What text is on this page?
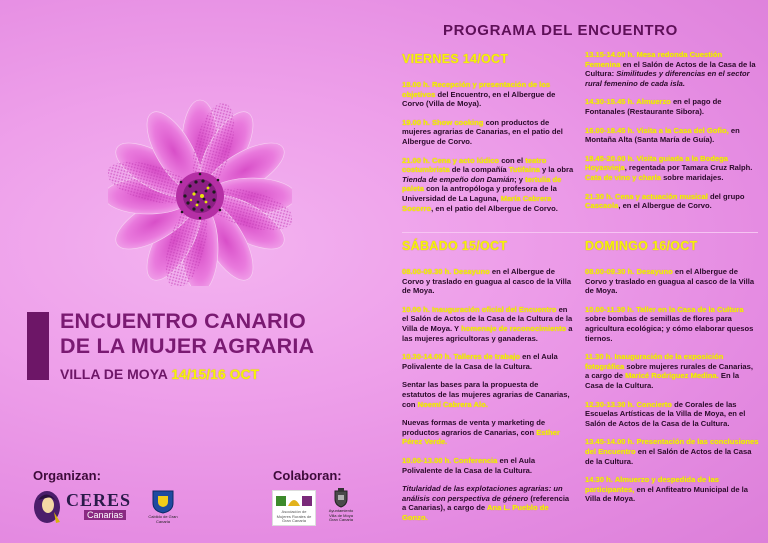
ENCUENTRO CANARIO
DE LA MUJER AGRARIA
VILLA DE MOYA 14/15/16 OCT
Organizan:	Colaboran:
CERES
Canarias	Cabildo de Gran Canaria
Asociación de Mujeres Rurales de Gran Canaria
Ayuntamiento Villa de Moya Gran Canaria
PROGRAMA DEL ENCUENTRO
VIERNES 14/OCT
18.00 h. Recepción y presentación de los objetivos del Encuentro, en el Albergue de Corvo (Villa de Moya).
19.00 h. Show cooking con productos de mujeres agrarias de Canarias, en el patio del Albergue de Corvo.
21.00 h. Cena y acto lúdico con el teatro costumbrista de la compañía Tutifaina y la obra Tienda de empeño don Damián; y tertulia de paleta con la antropóloga y profesora de la Universidad de La Laguna, María Cabrera Socorro, en el patio del Albergue de Corvo.
13.15-14.00 h. Mesa redonda Cuestión Femenina en el Salón de Actos de la Casa de la Cultura: Similitudes y diferencias en el sector rural femenino de cada isla.
14.30-15.45 h. Almuerzo en el pago de Fontanales (Restaurante Sibora).
16.00-18.45 h. Visita a la Casa del Gofio, en Montaña Alta (Santa María de Guía).
18.45-20.00 h. Visita guiada a la Bodega Hoyasvieja, regentada por Tamara Cruz Ralph. Cata de vino y charla sobre maridajes.
21.30 h. Cena y actuación musical del grupo Cascaola, en el Albergue de Corvo.
SÁBADO 15/OCT
08.00-09.30 h. Desayuno en el Albergue de Corvo y traslado en guagua al casco de la Villa de Moya.
10.00 h. Inauguración oficial del Encuentro en el Salón de Actos de la Casa de la Cultura de la Villa de Moya. Y homenaje de reconocimiento a las mujeres agricultoras y ganaderas.
10.30-14.00 h. Talleres de trabajo en el Aula Polivalente de la Casa de la Cultura.
Sentar las bases para la propuesta de estatutos de las mujeres agrarias de Canarias, con Noemí Cabrera Alo.
Nuevas formas de venta y marketing de productos agrarios de Canarias, con Esther Pérez Verde.
10.00-13.00 h. Conferencia en el Aula Polivalente de la Casa de la Cultura.
Titularidad de las explotaciones agrarias: un análisis con perspectiva de género (referencia a Canarias), a cargo de Ana L. Pueblo de Gonzo.
DOMINGO 16/OCT
08.00-09.30 h. Desayuno en el Albergue de Corvo y traslado en guagua al casco de la Villa de Moya.
10.00-11.30 h. Taller en la Casa de la Cultura sobre bombas de semillas de flores para agricultura ecológica; y cómo elaborar quesos tiernos.
11.30 h. Inauguración de la exposición fotográfica sobre mujeres rurales de Canarias, a cargo de Maricé Rodríguez Medina. En la Casa de la Cultura.
12.30-13.30 h. Concierto de Corales de las Escuelas Artísticas de la Villa de Moya, en el Salón de Actos de la Casa de la Cultura.
13.45-14.00 h. Presentación de las conclusiones del Encuentro en el Salón de Actos de la Casa de la Cultura.
14.30 h. Almuerzo y despedida de las participantes, en el Anfiteatro Municipal de la Villa de Moya.
